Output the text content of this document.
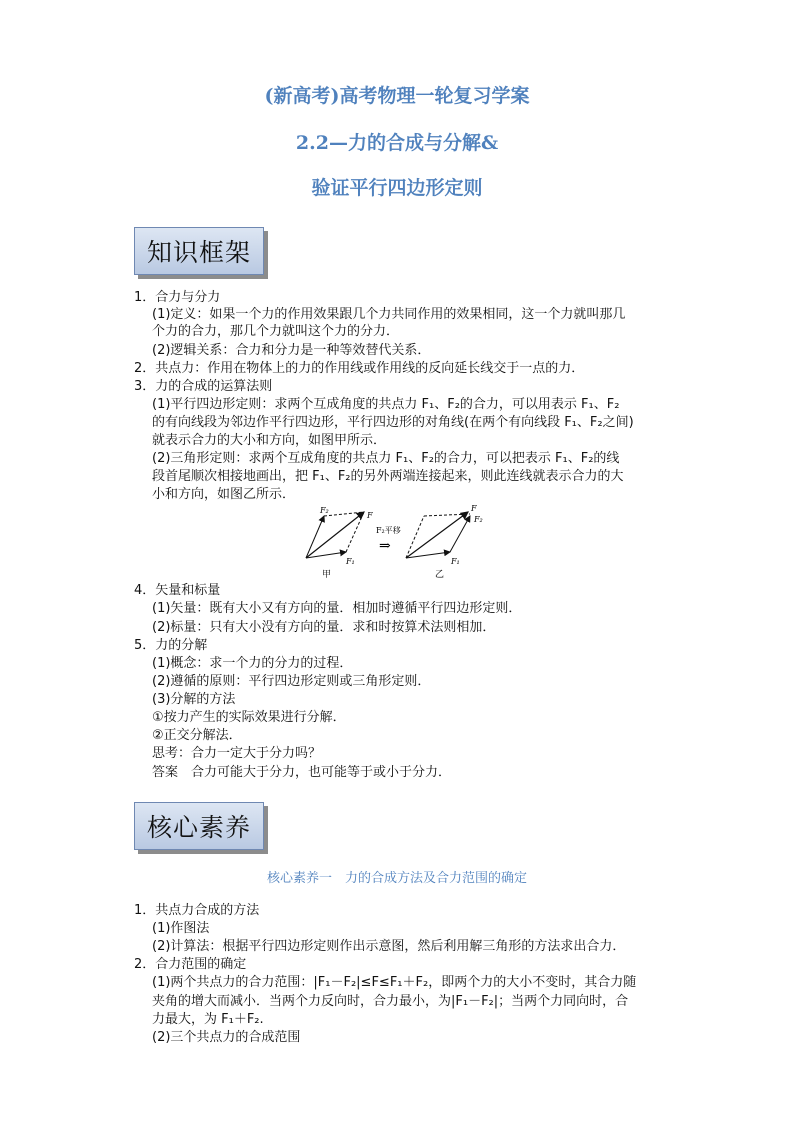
(新高考)高考物理一轮复习学案
2.2—力的合成与分解&
验证平行四边形定则
知识框架
1．合力与分力
(1)定义：如果一个力的作用效果跟几个力共同作用的效果相同，这一个力就叫那几
个力的合力，那几个力就叫这个力的分力．
(2)逻辑关系：合力和分力是一种等效替代关系．
2．共点力：作用在物体上的力的作用线或作用线的反向延长线交于一点的力．
3．力的合成的运算法则
(1)平行四边形定则：求两个互成角度的共点力 F₁、F₂的合力，可以用表示 F₁、F₂
的有向线段为邻边作平行四边形，平行四边形的对角线(在两个有向线段 F₁、F₂之间)
就表示合力的大小和方向，如图甲所示．
(2)三角形定则：求两个互成角度的共点力 F₁、F₂的合力，可以把表示 F₁、F₂的线
段首尾顺次相接地画出，把 F₁、F₂的另外两端连接起来，则此连线就表示合力的大
小和方向，如图乙所示．
F₂
F
F₁
甲
F₂平移
⇒
F
F₂
F₁
乙
4．矢量和标量
(1)矢量：既有大小又有方向的量．相加时遵循平行四边形定则．
(2)标量：只有大小没有方向的量．求和时按算术法则相加．
5．力的分解
(1)概念：求一个力的分力的过程．
(2)遵循的原则：平行四边形定则或三角形定则．
(3)分解的方法
①按力产生的实际效果进行分解．
②正交分解法．
思考：合力一定大于分力吗？
答案　合力可能大于分力，也可能等于或小于分力．
核心素养
核心素养一　力的合成方法及合力范围的确定
1．共点力合成的方法
(1)作图法
(2)计算法：根据平行四边形定则作出示意图，然后利用解三角形的方法求出合力．
2．合力范围的确定
(1)两个共点力的合力范围：|F₁－F₂|≤F≤F₁＋F₂，即两个力的大小不变时，其合力随
夹角的增大而减小．当两个力反向时，合力最小，为|F₁－F₂|；当两个力同向时，合
力最大，为 F₁＋F₂.
(2)三个共点力的合成范围
